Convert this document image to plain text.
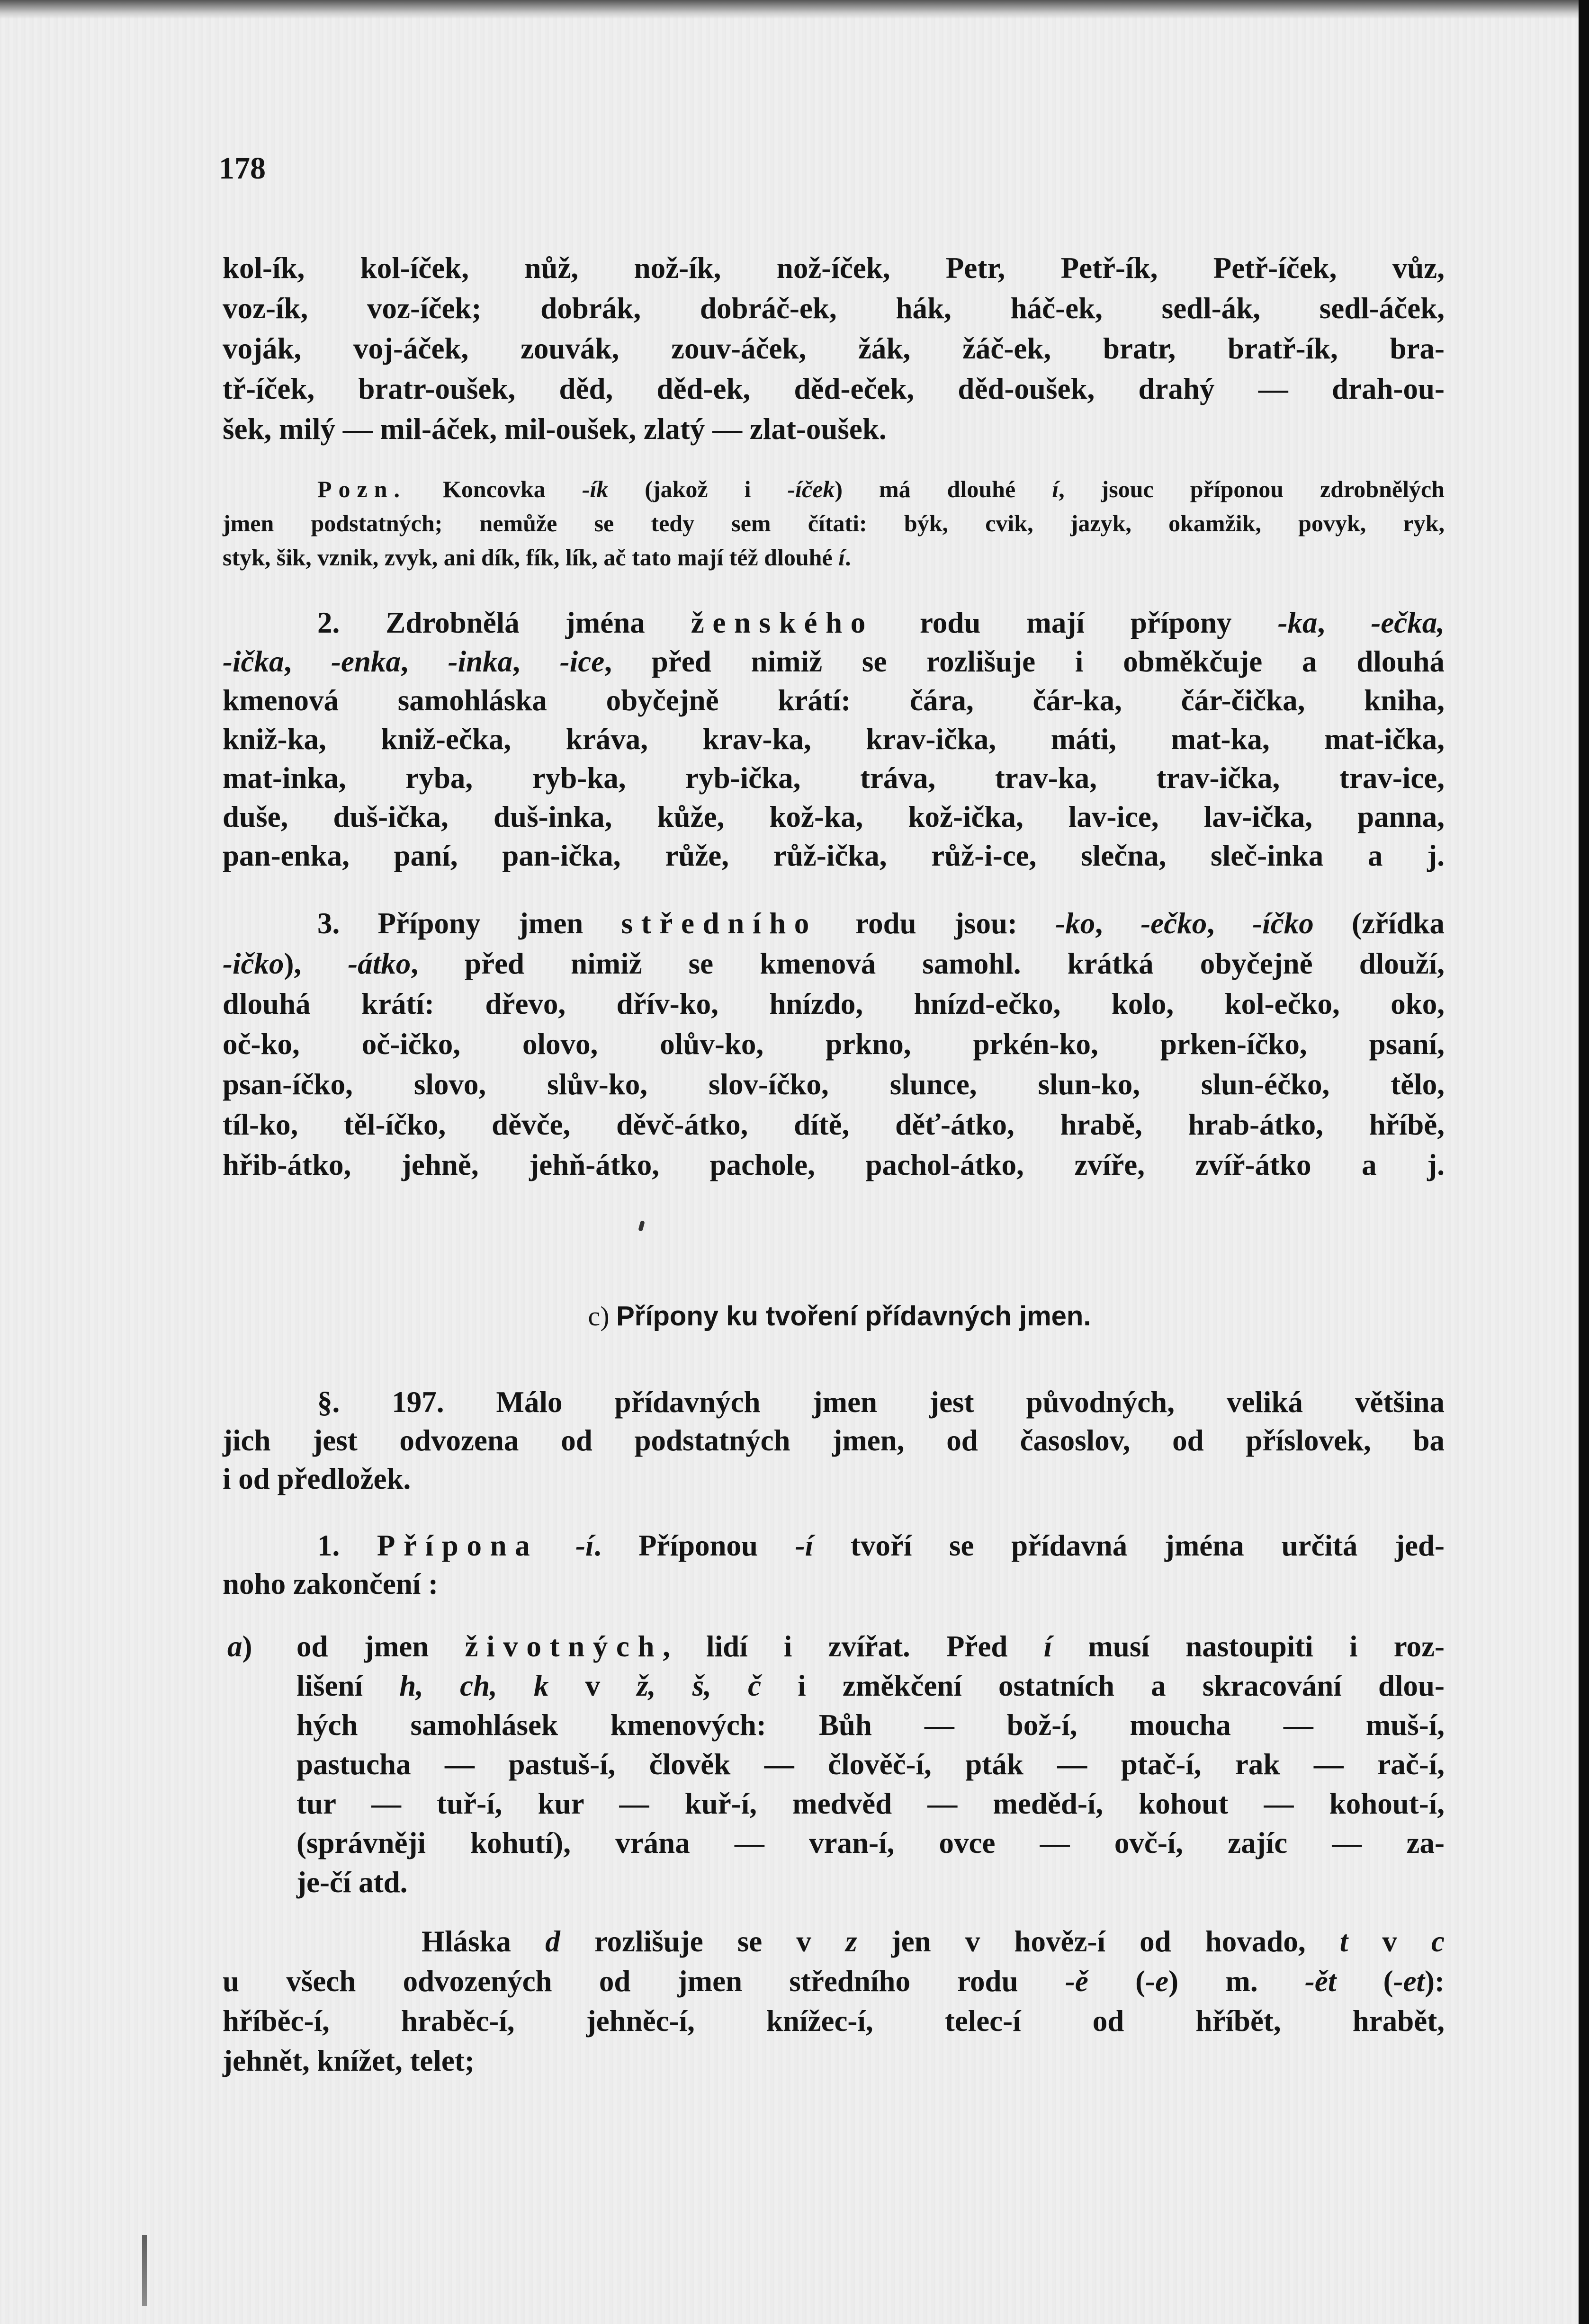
178
kol-ík, kol-íček, nůž, nož-ík, nož-íček, Petr, Petř-ík, Petř-íček, vůz,
voz-ík, voz-íček; dobrák, dobráč-ek, hák, háč-ek, sedl-ák, sedl-áček,
voják, voj-áček, zouvák, zouv-áček, žák, žáč-ek, bratr, bratř-ík, bra-
tř-íček, bratr-oušek, děd, děd-ek, děd-eček, děd-oušek, drahý — drah-ou-
šek, milý — mil-áček, mil-oušek, zlatý — zlat-oušek.
Pozn. Koncovka -ík (jakož i -íček) má dlouhé í, jsouc příponou zdrobnělých
jmen podstatných; nemůže se tedy sem čítati: býk, cvik, jazyk, okamžik, povyk, ryk,
styk, šik, vznik, zvyk, ani dík, fík, lík, ač tato mají též dlouhé í.
2. Zdrobnělá jména ženského rodu mají přípony -ka, -ečka,
-ička, -enka, -inka, -ice, před nimiž se rozlišuje i obměkčuje a dlouhá
kmenová samohláska obyčejně krátí: čára, čár-ka, čár-čička, kniha,
kniž-ka, kniž-ečka, kráva, krav-ka, krav-ička, máti, mat-ka, mat-ička,
mat-inka, ryba, ryb-ka, ryb-ička, tráva, trav-ka, trav-ička, trav-ice,
duše, duš-ička, duš-inka, kůže, kož-ka, kož-ička, lav-ice, lav-ička, panna,
pan-enka, paní, pan-ička, růže, růž-ička, růž-i-ce, slečna, sleč-inka a j.
3. Přípony jmen středního rodu jsou: -ko, -ečko, -íčko (zřídka
-ičko), -átko, před nimiž se kmenová samohl. krátká obyčejně dlouží,
dlouhá krátí: dřevo, dřív-ko, hnízdo, hnízd-ečko, kolo, kol-ečko, oko,
oč-ko, oč-ičko, olovo, olův-ko, prkno, prkén-ko, prken-íčko, psaní,
psan-íčko, slovo, slův-ko, slov-íčko, slunce, slun-ko, slun-éčko, tělo,
tíl-ko, těl-íčko, děvče, děvč-átko, dítě, děť-átko, hrabě, hrab-átko, hříbě,
hřib-átko, jehně, jehň-átko, pachole, pachol-átko, zvíře, zvíř-átko a j.
c) Přípony ku tvoření přídavných jmen.
§. 197. Málo přídavných jmen jest původných, veliká většina
jich jest odvozena od podstatných jmen, od časoslov, od příslovek, ba
i od předložek.
1. Přípona -í. Příponou -í tvoří se přídavná jména určitá jed-
noho zakončení :
a) od jmen životných, lidí i zvířat. Před í musí nastoupiti i roz-
lišení h, ch, k v ž, š, č i změkčení ostatních a skracování dlou-
hých samohlásek kmenových: Bůh — bož-í, moucha — muš-í,
pastucha — pastuš-í, člověk — člověč-í, pták — ptač-í, rak — rač-í,
tur — tuř-í, kur — kuř-í, medvěd — meděd-í, kohout — kohout-í,
(správněji kohutí), vrána — vran-í, ovce — ovč-í, zajíc — za-
je-čí atd.
Hláska d rozlišuje se v z jen v hověz-í od hovado, t v c
u všech odvozených od jmen středního rodu -ě (-e) m. -ět (-et):
hříběc-í, hraběc-í, jehněc-í, knížec-í, telec-í od hříbět, hrabět,
jehnět, knížet, telet;
